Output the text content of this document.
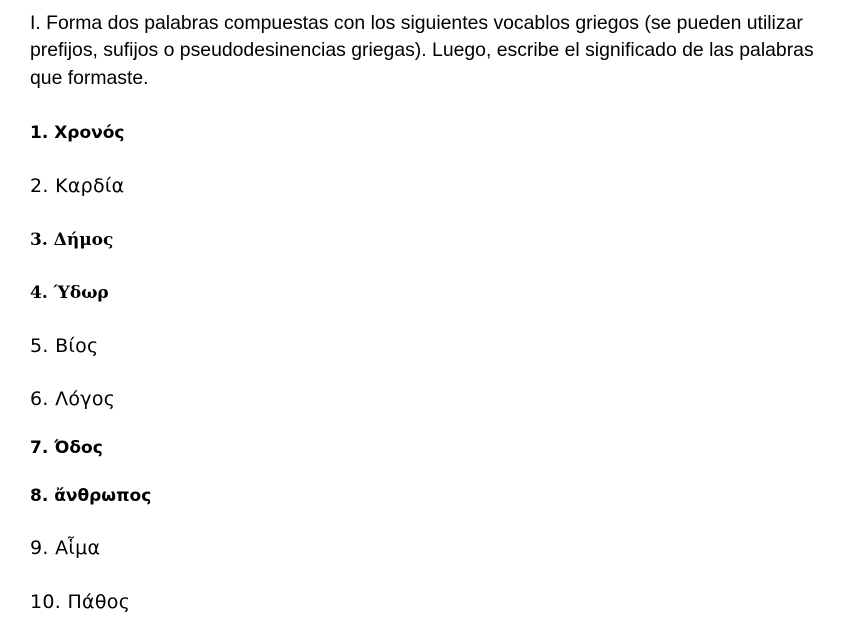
I. Forma dos palabras compuestas con los siguientes vocablos griegos (se pueden utilizar prefijos, sufijos o pseudodesinencias griegas). Luego, escribe el significado de las palabras que formaste.

1. Χρονός
2. Καρδία
3. Δήμος
4. Ύδωρ
5. Βίος
6. Λόγος
7. Όδος
8. ἄνθρωπος
9. Αἷμα
10. Πάθος
